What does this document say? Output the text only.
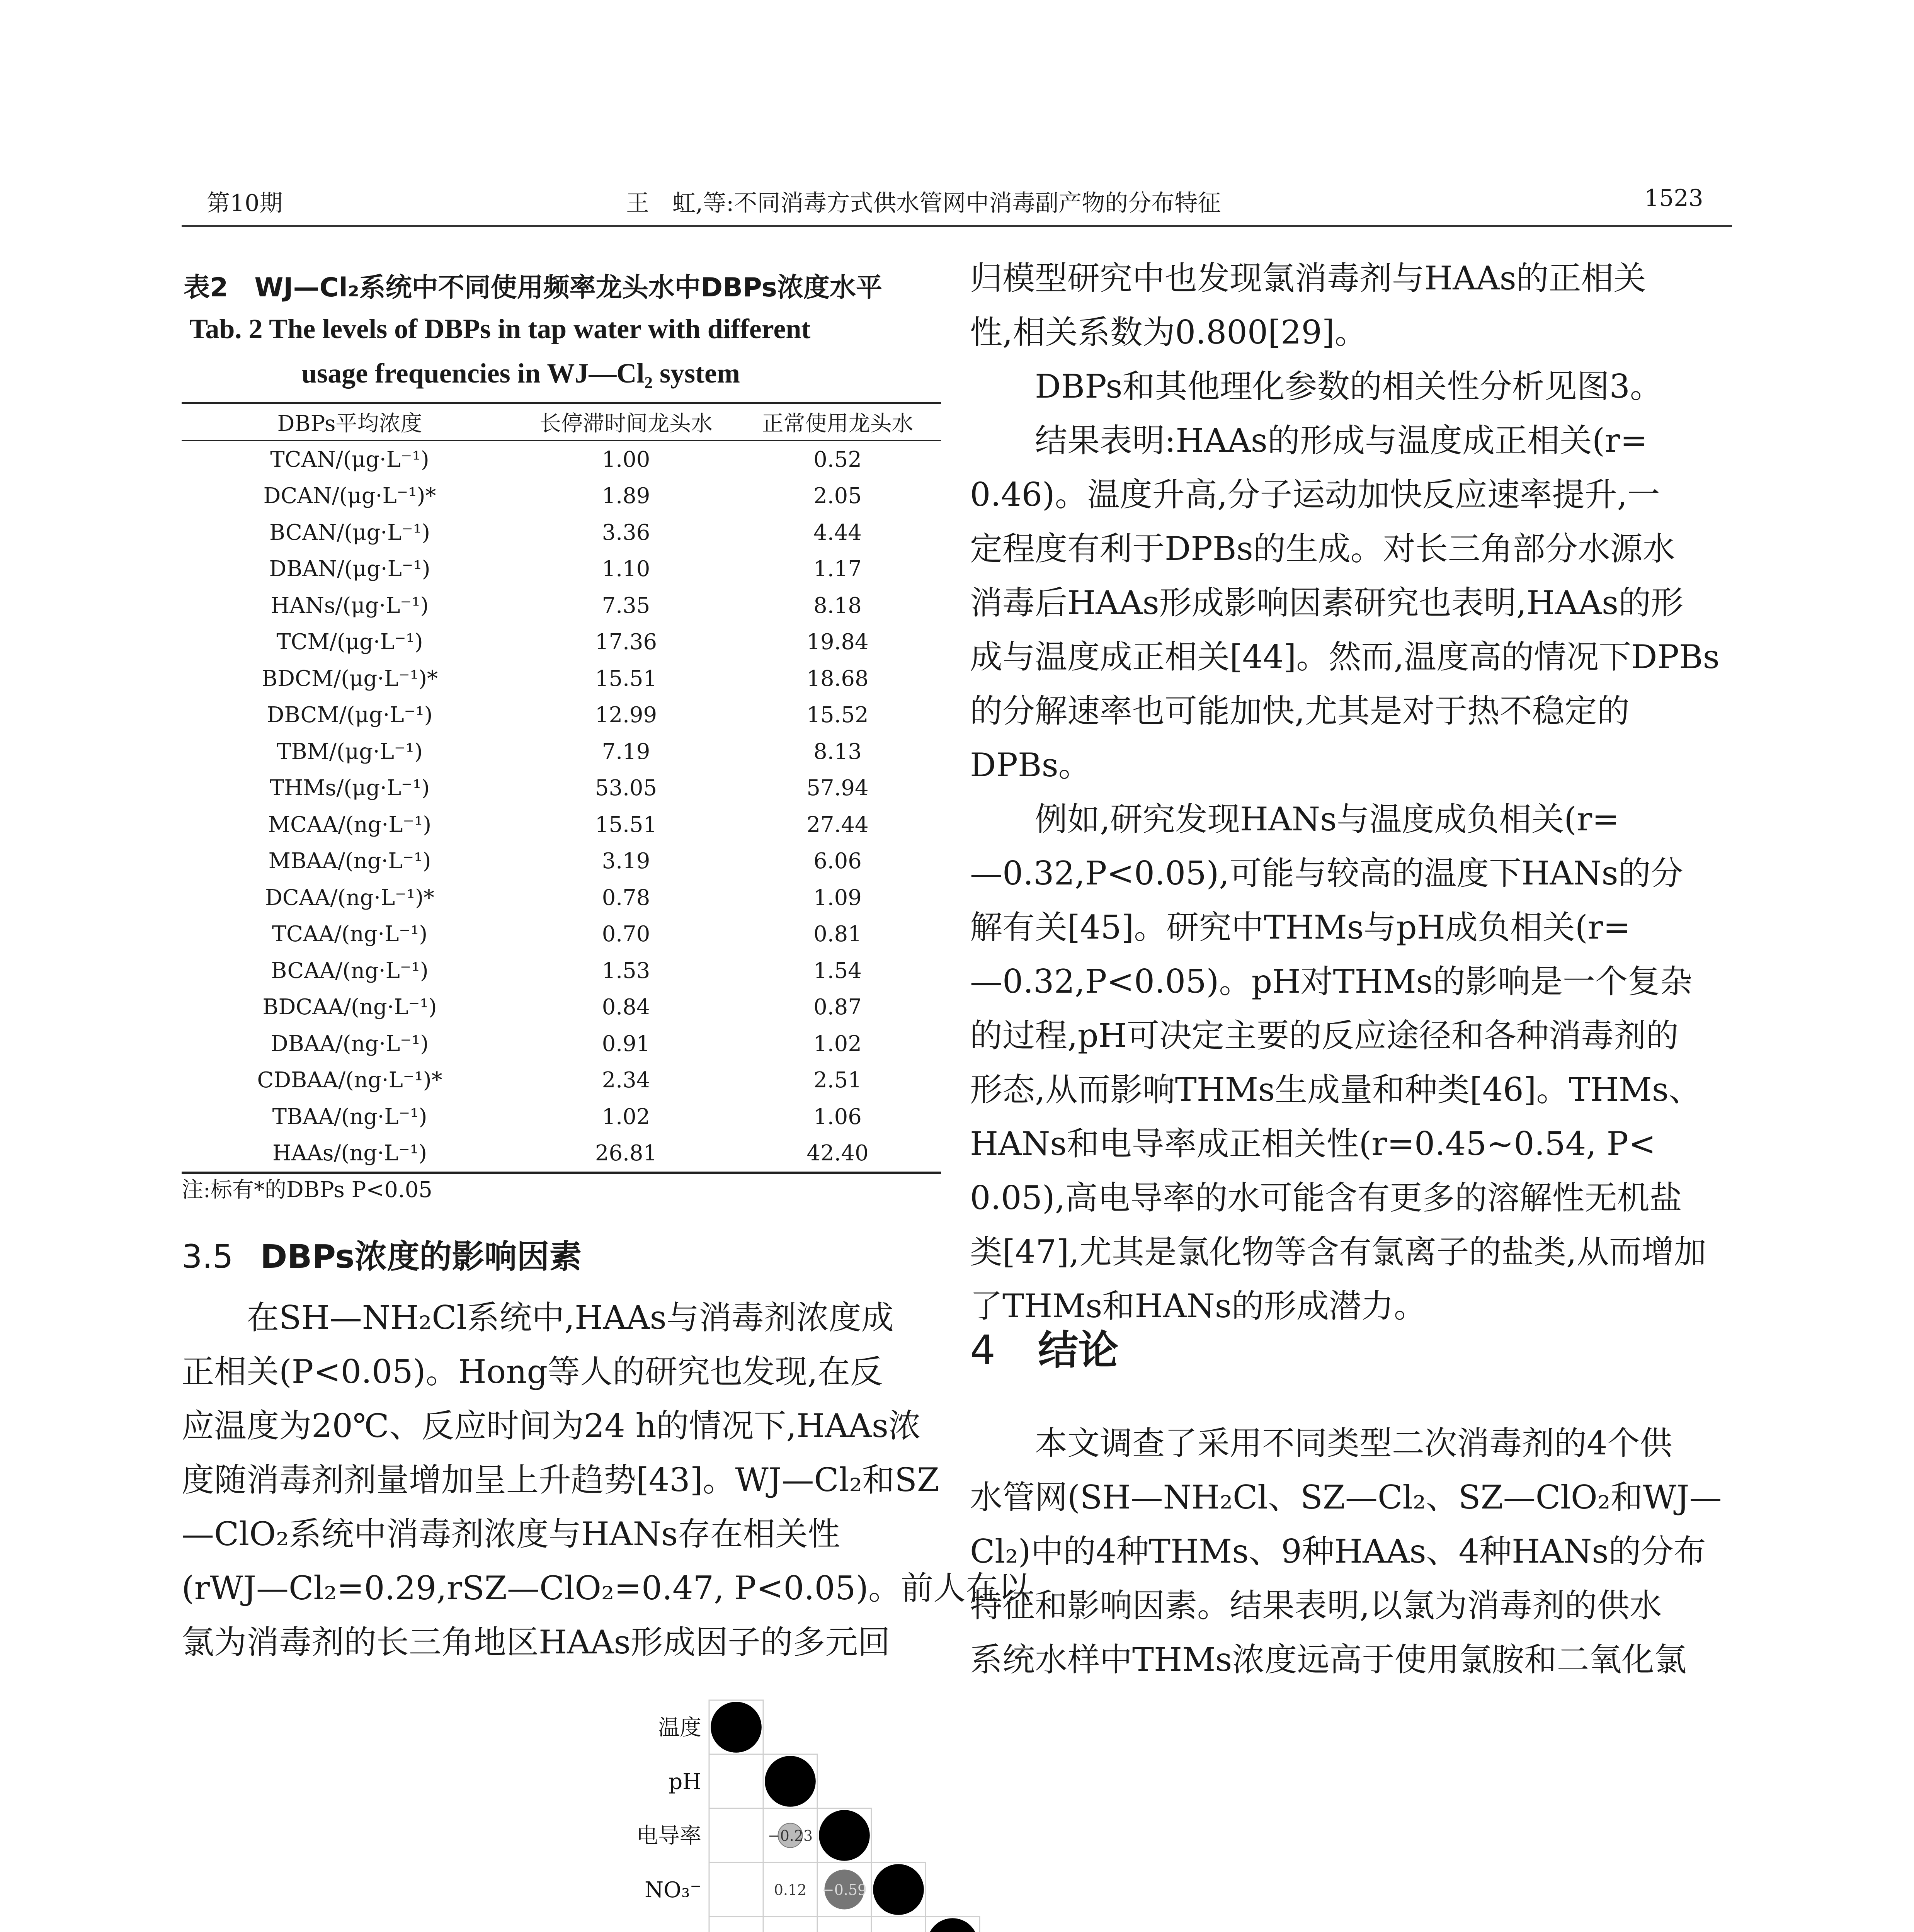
第10期	王　虹,等:不同消毒方式供水管网中消毒副产物的分布特征	1523
表2　WJ—Cl₂系统中不同使用频率龙头水中DBPs浓度水平
Tab. 2 The levels of DBPs in tap water with different
usage frequencies in WJ—Cl₂ system
DBPs平均浓度	长停滞时间龙头水	正常使用龙头水
TCAN/(μg·L⁻¹)	1.00	0.52
DCAN/(μg·L⁻¹)*	1.89	2.05
BCAN/(μg·L⁻¹)	3.36	4.44
DBAN/(μg·L⁻¹)	1.10	1.17
HANs/(μg·L⁻¹)	7.35	8.18
TCM/(μg·L⁻¹)	17.36	19.84
BDCM/(μg·L⁻¹)*	15.51	18.68
DBCM/(μg·L⁻¹)	12.99	15.52
TBM/(μg·L⁻¹)	7.19	8.13
THMs/(μg·L⁻¹)	53.05	57.94
MCAA/(ng·L⁻¹)	15.51	27.44
MBAA/(ng·L⁻¹)	3.19	6.06
DCAA/(ng·L⁻¹)*	0.78	1.09
TCAA/(ng·L⁻¹)	0.70	0.81
BCAA/(ng·L⁻¹)	1.53	1.54
BDCAA/(ng·L⁻¹)	0.84	0.87
DBAA/(ng·L⁻¹)	0.91	1.02
CDBAA/(ng·L⁻¹)*	2.34	2.51
TBAA/(ng·L⁻¹)	1.02	1.06
HAAs/(ng·L⁻¹)	26.81	42.40
注:标有*的DBPs P<0.05
3.5 DBPs浓度的影响因素
在SH—NH₂Cl系统中,HAAs与消毒剂浓度成
正相关(P<0.05)。Hong等人的研究也发现,在反
应温度为20℃、反应时间为24 h的情况下,HAAs浓
度随消毒剂剂量增加呈上升趋势[43]。WJ—Cl₂和SZ
—ClO₂系统中消毒剂浓度与HANs存在相关性
(rWJ—Cl₂=0.29,rSZ—ClO₂=0.47, P<0.05)。前人在以
氯为消毒剂的长三角地区HAAs形成因子的多元回
归模型研究中也发现氯消毒剂与HAAs的正相关
性,相关系数为0.800[29]。
DBPs和其他理化参数的相关性分析见图3。
结果表明:HAAs的形成与温度成正相关(r=
0.46)。温度升高,分子运动加快反应速率提升,一
定程度有利于DPBs的生成。对长三角部分水源水
消毒后HAAs形成影响因素研究也表明,HAAs的形
成与温度成正相关[44]。然而,温度高的情况下DPBs
的分解速率也可能加快,尤其是对于热不稳定的
DPBs。
例如,研究发现HANs与温度成负相关(r=
—0.32,P<0.05),可能与较高的温度下HANs的分
解有关[45]。研究中THMs与pH成负相关(r=
—0.32,P<0.05)。pH对THMs的影响是一个复杂
的过程,pH可决定主要的反应途径和各种消毒剂的
形态,从而影响THMs生成量和种类[46]。THMs、
HANs和电导率成正相关性(r=0.45~0.54, P<
0.05),高电导率的水可能含有更多的溶解性无机盐
类[47],尤其是氯化物等含有氯离子的盐类,从而增加
了THMs和HANs的形成潜力。
4 结论
本文调查了采用不同类型二次消毒剂的4个供
水管网(SH—NH₂Cl、SZ—Cl₂、SZ—ClO₂和WJ—
Cl₂)中的4种THMs、9种HAAs、4种HANs的分布
特征和影响因素。结果表明,以氯为消毒剂的供水
系统水样中THMs浓度远高于使用氯胺和二氧化氯
−0.23
0.12 −0.59
温度
pH
电导率
NO₃⁻
